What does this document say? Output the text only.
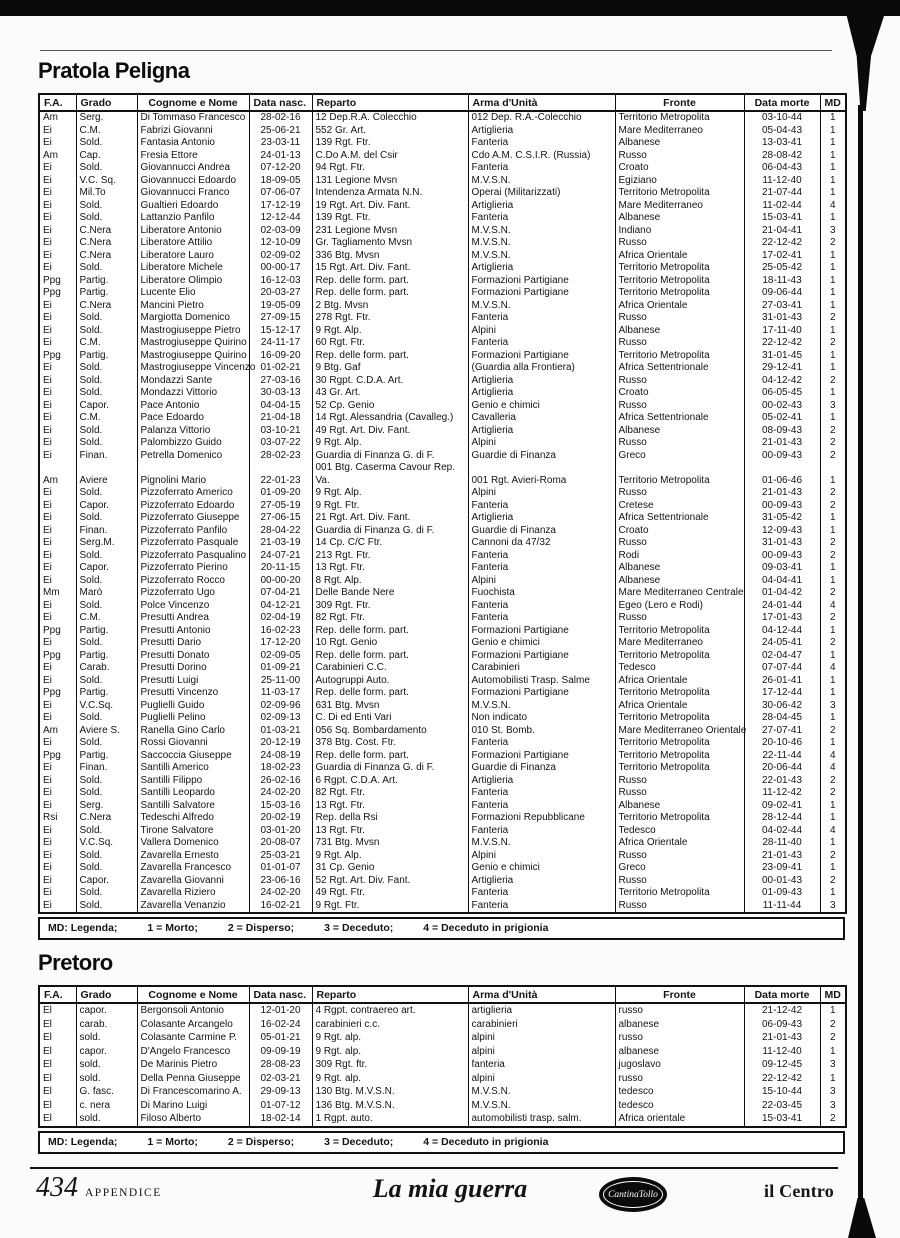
Pratola Peligna
F.A.	Grado	Cognome e Nome	Data nasc.	Reparto	Arma d'Unità	Fronte	Data morte	MD
Am	Serg.	Di Tommaso Francesco	28-02-16	12 Dep.R.A. Colecchio	012 Dep. R.A.-Colecchio	Territorio Metropolita	03-10-44	1
Ei	C.M.	Fabrizi Giovanni	25-06-21	552 Gr. Art.	Artiglieria	Mare Mediterraneo	05-04-43	1
Ei	Sold.	Fantasia Antonio	23-03-11	139 Rgt. Ftr.	Fanteria	Albanese	13-03-41	1
Am	Cap.	Fresia Ettore	24-01-13	C.Do A.M. del Csir	Cdo A.M. C.S.I.R. (Russia)	Russo	28-08-42	1
Ei	Sold.	Giovannucci Andrea	07-12-20	94 Rgt. Ftr.	Fanteria	Croato	06-04-43	1
Ei	V.C. Sq.	Giovannucci Edoardo	18-09-05	131 Legione Mvsn	M.V.S.N.	Egiziano	11-12-40	1
Ei	Mil.To	Giovannucci Franco	07-06-07	Intendenza Armata N.N.	Operai (Militarizzati)	Territorio Metropolita	21-07-44	1
Ei	Sold.	Gualtieri Edoardo	17-12-19	19 Rgt. Art. Div. Fant.	Artiglieria	Mare Mediterraneo	11-02-44	4
Ei	Sold.	Lattanzio Panfilo	12-12-44	139 Rgt. Ftr.	Fanteria	Albanese	15-03-41	1
Ei	C.Nera	Liberatore Antonio	02-03-09	231 Legione Mvsn	M.V.S.N.	Indiano	21-04-41	3
Ei	C.Nera	Liberatore Attilio	12-10-09	Gr. Tagliamento Mvsn	M.V.S.N.	Russo	22-12-42	2
Ei	C.Nera	Liberatore Lauro	02-09-02	336 Btg. Mvsn	M.V.S.N.	Africa Orientale	17-02-41	1
Ei	Sold.	Liberatore Michele	00-00-17	15 Rgt. Art. Div. Fant.	Artiglieria	Territorio Metropolita	25-05-42	1
Ppg	Partig.	Liberatore Olimpio	16-12-03	Rep. delle form. part.	Formazioni Partigiane	Territorio Metropolita	18-11-43	1
Ppg	Partig.	Lucente Elio	20-03-27	Rep. delle form. part.	Formazioni Partigiane	Territorio Metropolita	09-06-44	1
Ei	C.Nera	Mancini Pietro	19-05-09	2 Btg. Mvsn	M.V.S.N.	Africa Orientale	27-03-41	1
Ei	Sold.	Margiotta Domenico	27-09-15	278 Rgt. Ftr.	Fanteria	Russo	31-01-43	2
Ei	Sold.	Mastrogiuseppe Pietro	15-12-17	9 Rgt. Alp.	Alpini	Albanese	17-11-40	1
Ei	C.M.	Mastrogiuseppe Quirino	24-11-17	60 Rgt. Ftr.	Fanteria	Russo	22-12-42	2
Ppg	Partig.	Mastrogiuseppe Quirino	16-09-20	Rep. delle form. part.	Formazioni Partigiane	Territorio Metropolita	31-01-45	1
Ei	Sold.	Mastrogiuseppe Vincenzo	01-02-21	9 Btg. Gaf	(Guardia alla Frontiera)	Africa Settentrionale	29-12-41	1
Ei	Sold.	Mondazzi Sante	27-03-16	30 Rgpt. C.D.A. Art.	Artiglieria	Russo	04-12-42	2
Ei	Sold.	Mondazzi Vittorio	30-03-13	43 Gr. Art.	Artiglieria	Croato	06-05-45	1
Ei	Capor.	Pace Antonio	04-04-15	52 Cp. Genio	Genio e chimici	Russo	00-02-43	3
Ei	C.M.	Pace Edoardo	21-04-18	14 Rgt. Alessandria (Cavalleg.)	Cavalleria	Africa Settentrionale	05-02-41	1
Ei	Sold.	Palanza Vittorio	03-10-21	49 Rgt. Art. Div. Fant.	Artiglieria	Albanese	08-09-43	2
Ei	Sold.	Palombizzo Guido	03-07-22	9 Rgt. Alp.	Alpini	Russo	21-01-43	2
Ei	Finan.	Petrella Domenico	28-02-23	Guardia di Finanza G. di F.	Guardie di Finanza	Greco	00-09-43	2
Am	Aviere	Pignolini Mario	22-01-23	001 Btg. Caserma Cavour Rep. Va.	001 Rgt. Avieri-Roma	Territorio Metropolita	01-06-46	1
Ei	Sold.	Pizzoferrato Americo	01-09-20	9 Rgt. Alp.	Alpini	Russo	21-01-43	2
Ei	Capor.	Pizzoferrato Edoardo	27-05-19	9 Rgt. Ftr.	Fanteria	Cretese	00-09-43	2
Ei	Sold.	Pizzoferrato Giuseppe	27-06-15	21 Rgt. Art. Div. Fant.	Artiglieria	Africa Settentrionale	31-05-42	1
Ei	Finan.	Pizzoferrato Panfilo	28-04-22	Guardia di Finanza G. di F.	Guardie di Finanza	Croato	12-09-43	1
Ei	Serg.M.	Pizzoferrato Pasquale	21-03-19	14 Cp. C/C Ftr.	Cannoni da 47/32	Russo	31-01-43	2
Ei	Sold.	Pizzoferrato Pasqualino	24-07-21	213 Rgt. Ftr.	Fanteria	Rodi	00-09-43	2
Ei	Capor.	Pizzoferrato Pierino	20-11-15	13 Rgt. Ftr.	Fanteria	Albanese	09-03-41	1
Ei	Sold.	Pizzoferrato Rocco	00-00-20	8 Rgt. Alp.	Alpini	Albanese	04-04-41	1
Mm	Marò	Pizzoferrato Ugo	07-04-21	Delle Bande Nere	Fuochista	Mare Mediterraneo Centrale	01-04-42	2
Ei	Sold.	Polce Vincenzo	04-12-21	309 Rgt. Ftr.	Fanteria	Egeo (Lero e Rodi)	24-01-44	4
Ei	C.M.	Presutti Andrea	02-04-19	82 Rgt. Ftr.	Fanteria	Russo	17-01-43	2
Ppg	Partig.	Presutti Antonio	16-02-23	Rep. delle form. part.	Formazioni Partigiane	Territorio Metropolita	04-12-44	1
Ei	Sold.	Presutti Dario	17-12-20	10 Rgt. Genio	Genio e chimici	Mare Mediterraneo	24-05-41	2
Ppg	Partig.	Presutti Donato	02-09-05	Rep. delle form. part.	Formazioni Partigiane	Territorio Metropolita	02-04-47	1
Ei	Carab.	Presutti Dorino	01-09-21	Carabinieri C.C.	Carabinieri	Tedesco	07-07-44	4
Ei	Sold.	Presutti Luigi	25-11-00	Autogruppi Auto.	Automobilisti Trasp. Salme	Africa Orientale	26-01-41	1
Ppg	Partig.	Presutti Vincenzo	11-03-17	Rep. delle form. part.	Formazioni Partigiane	Territorio Metropolita	17-12-44	1
Ei	V.C.Sq.	Puglielli Guido	02-09-96	631 Btg. Mvsn	M.V.S.N.	Africa Orientale	30-06-42	3
Ei	Sold.	Puglielli Pelino	02-09-13	C. Di ed Enti Vari	Non indicato	Territorio Metropolita	28-04-45	1
Am	Aviere S.	Ranella Gino Carlo	01-03-21	056 Sq. Bombardamento	010 St. Bomb.	Mare Mediterraneo Orientale	27-07-41	2
Ei	Sold.	Rossi Giovanni	20-12-19	378 Btg. Cost. Ftr.	Fanteria	Territorio Metropolita	20-10-46	1
Ppg	Partig.	Saccoccia Giuseppe	24-08-19	Rep. delle form. part.	Formazioni Partigiane	Territorio Metropolita	22-11-44	4
Ei	Finan.	Santilli Americo	18-02-23	Guardia di Finanza G. di F.	Guardie di Finanza	Territorio Metropolita	20-06-44	4
Ei	Sold.	Santilli Filippo	26-02-16	6 Rgpt. C.D.A. Art.	Artiglieria	Russo	22-01-43	2
Ei	Sold.	Santilli Leopardo	24-02-20	82 Rgt. Ftr.	Fanteria	Russo	11-12-42	2
Ei	Serg.	Santilli Salvatore	15-03-16	13 Rgt. Ftr.	Fanteria	Albanese	09-02-41	1
Rsi	C.Nera	Tedeschi Alfredo	20-02-19	Rep. della Rsi	Formazioni Repubblicane	Territorio Metropolita	28-12-44	1
Ei	Sold.	Tirone Salvatore	03-01-20	13 Rgt. Ftr.	Fanteria	Tedesco	04-02-44	4
Ei	V.C.Sq.	Vallera Domenico	20-08-07	731 Btg. Mvsn	M.V.S.N.	Africa Orientale	28-11-40	1
Ei	Sold.	Zavarella Ernesto	25-03-21	9 Rgt. Alp.	Alpini	Russo	21-01-43	2
Ei	Sold.	Zavarella Francesco	01-01-07	31 Cp. Genio	Genio e chimici	Greco	23-09-41	1
Ei	Capor.	Zavarella Giovanni	23-06-16	52 Rgt. Art. Div. Fant.	Artiglieria	Russo	00-01-43	2
Ei	Sold.	Zavarella Riziero	24-02-20	49 Rgt. Ftr.	Fanteria	Territorio Metropolita	01-09-43	1
Ei	Sold.	Zavarella Venanzio	16-02-21	9 Rgt. Ftr.	Fanteria	Russo	11-11-44	3
MD: Legenda;	1 = Morto;	2 = Disperso;	3 = Deceduto;	4 = Deceduto in prigionia
Pretoro
F.A.	Grado	Cognome e Nome	Data nasc.	Reparto	Arma d'Unità	Fronte	Data morte	MD
El	capor.	Bergonsoli Antonio	12-01-20	4 Rgpt. contraereo art.	artiglieria	russo	21-12-42	1
El	carab.	Colasante Arcangelo	16-02-24	carabinieri c.c.	carabinieri	albanese	06-09-43	2
El	sold.	Colasante Carmine P.	05-01-21	9 Rgt. alp.	alpini	russo	21-01-43	2
El	capor.	D'Angelo Francesco	09-09-19	9 Rgt. alp.	alpini	albanese	11-12-40	1
El	sold.	De Marinis Pietro	28-08-23	309 Rgt. ftr.	fanteria	jugoslavo	09-12-45	3
El	sold.	Della Penna Giuseppe	02-03-21	9 Rgt. alp.	alpini	russo	22-12-42	1
El	G. fasc.	Di Francescomarino A.	29-09-13	130 Btg. M.V.S.N.	M.V.S.N.	tedesco	15-10-44	3
El	c. nera	Di Marino Luigi	01-07-12	136 Btg. M.V.S.N.	M.V.S.N.	tedesco	22-03-45	3
El	sold.	Filoso Alberto	18-02-14	1 Rgpt. auto.	automobilisti trasp. salm.	Africa orientale	15-03-41	2
MD: Legenda;	1 = Morto;	2 = Disperso;	3 = Deceduto;	4 = Deceduto in prigionia
434 APPENDICE	La mia guerra	CantinaTollo	il Centro
